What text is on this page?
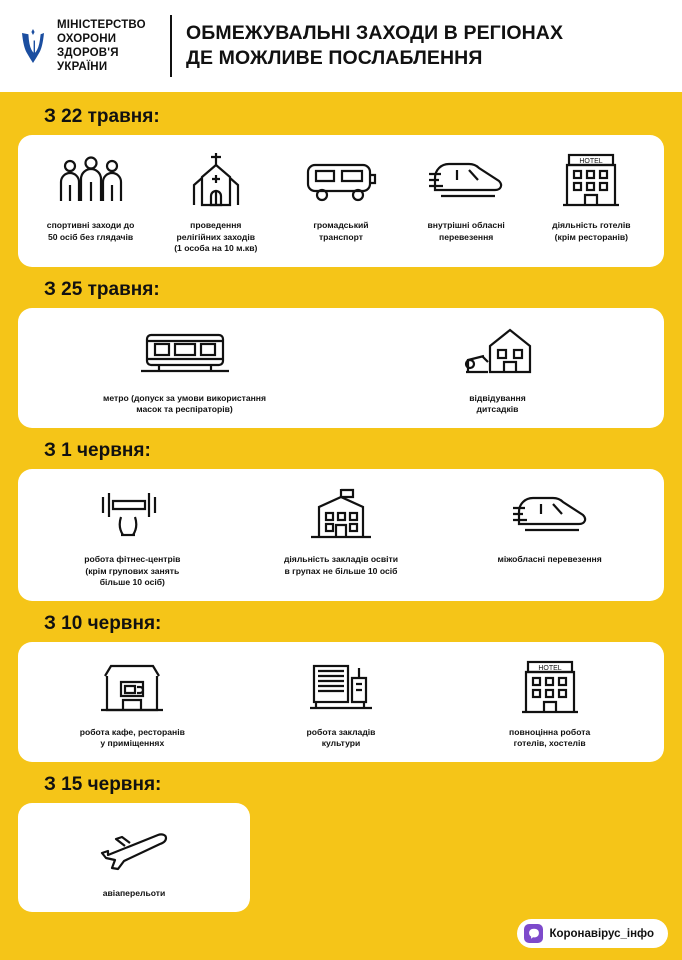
МІНІСТЕРСТВО
ОХОРОНИ
ЗДОРОВ'Я
УКРАЇНИ
ОБМЕЖУВАЛЬНІ ЗАХОДИ В РЕГІОНАХ
ДЕ МОЖЛИВЕ ПОСЛАБЛЕННЯ
З 22 травня:
спортивні заходи до
50 осіб без глядачів
проведення
релігійних заходів
(1 особа на 10 м.кв)
громадський
транспорт
внутрішні обласні
перевезення
HOTEL
діяльність готелів
(крім ресторанів)
З 25 травня:
метро (допуск за умови використання
масок та респіраторів)
відвідування
дитсадків
З 1 червня:
робота фітнес-центрів
(крім групових занять
більше 10 осіб)
діяльність закладів освіти
в групах не більше 10 осіб
міжобласні перевезення
З 10 червня:
робота кафе, ресторанів
у приміщеннях
робота закладів
культури
HOTEL
повноцінна робота
готелів, хостелів
З 15 червня:
авіаперельоти
Коронавірус_інфо
